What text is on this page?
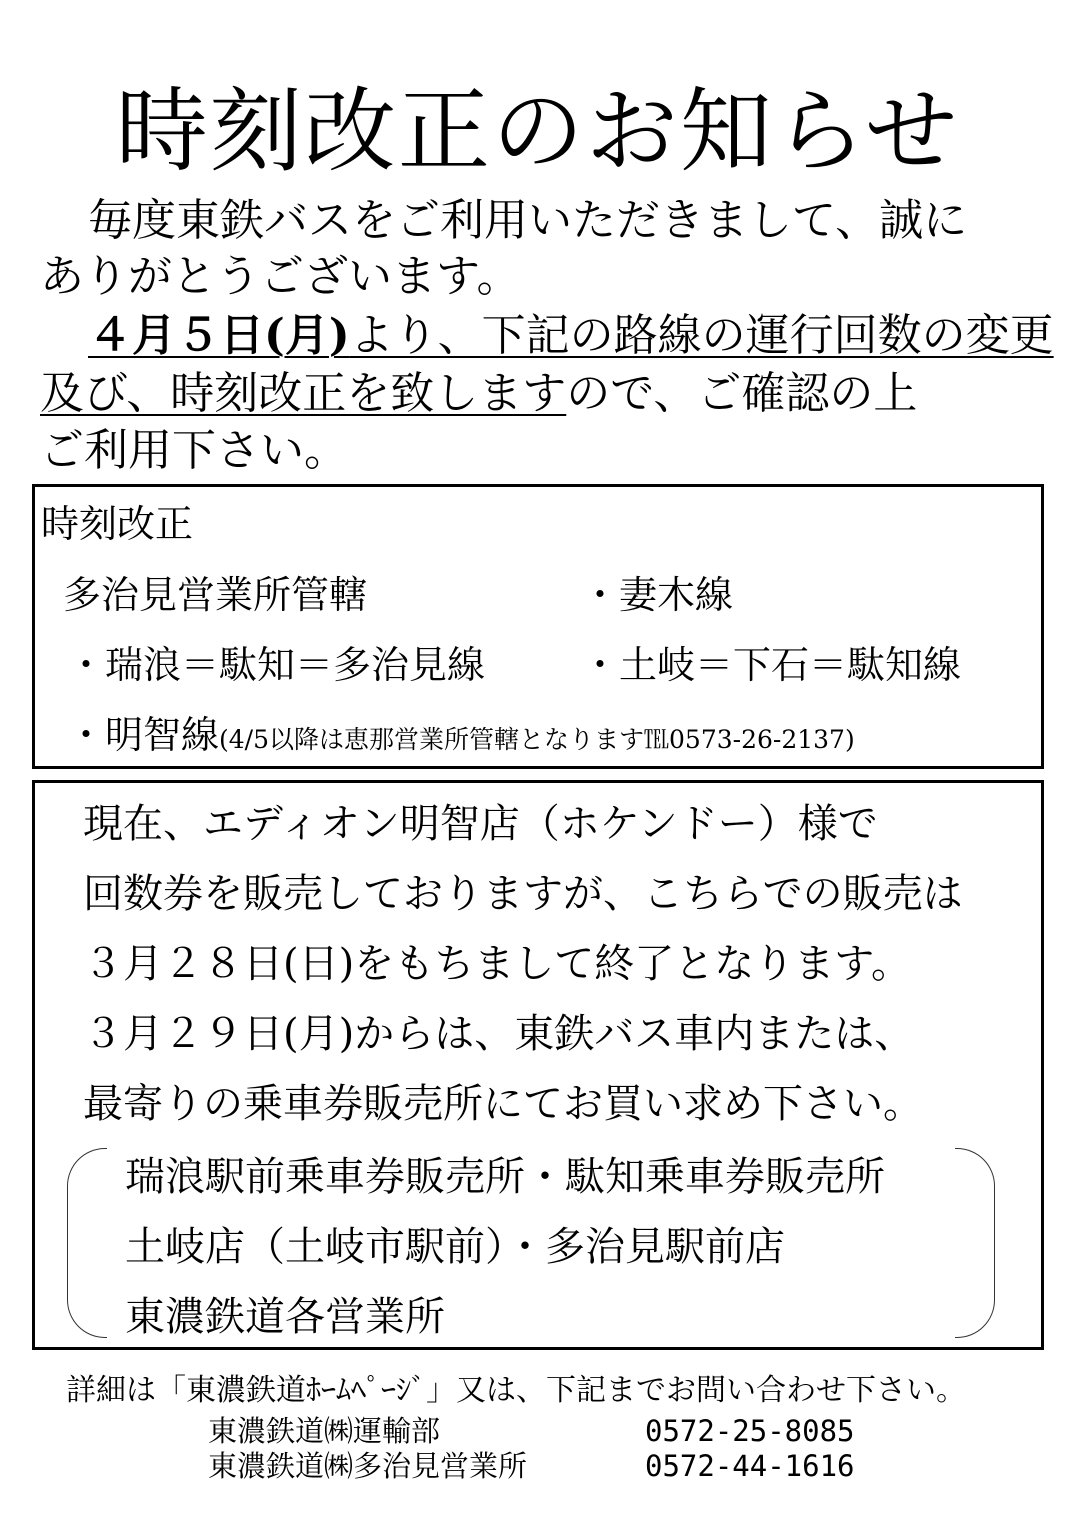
時刻改正のお知らせ
毎度東鉄バスをご利用いただきまして、誠に
ありがとうございます。
４月５日(月)より、下記の路線の運行回数の変更
及び、時刻改正を致しますので、ご確認の上
ご利用下さい。
時刻改正
多治見営業所管轄	・妻木線
・瑞浪＝駄知＝多治見線	・土岐＝下石＝駄知線
・明智線(4/5以降は恵那営業所管轄となります℡0573-26-2137)
現在、エディオン明智店（ホケンドー）様で
回数券を販売しておりますが、こちらでの販売は
３月２８日(日)をもちまして終了となります。
３月２９日(月)からは、東鉄バス車内または、
最寄りの乗車券販売所にてお買い求め下さい。
瑞浪駅前乗車券販売所・駄知乗車券販売所
土岐店（土岐市駅前）・多治見駅前店
東濃鉄道各営業所
詳細は「東濃鉄道ﾎｰﾑﾍﾟｰｼﾞ」又は、下記までお問い合わせ下さい。
東濃鉄道㈱運輸部	0572-25-8085
東濃鉄道㈱多治見営業所	0572-44-1616
